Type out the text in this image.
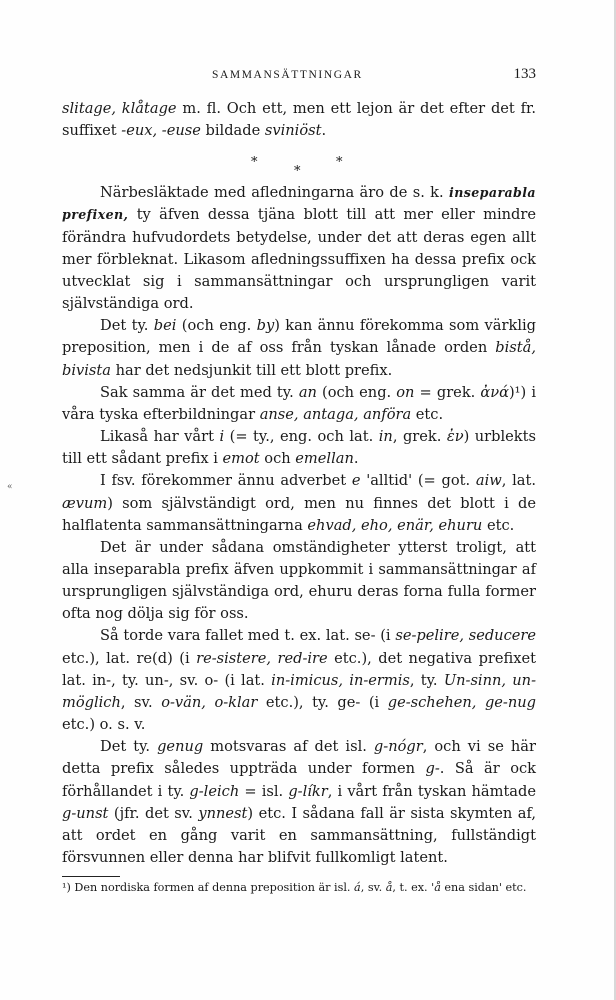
«
SAMMANSÄTTNINGAR	133

slitage, klåtage m. fl. Och ett, men ett lejon är det efter det fr. suffixet -eux, -euse bildade sviniöst.

*	*
*

Närbesläktade med afledningarna äro de s. k. inseparabla prefixen, ty äfven dessa tjäna blott till att mer eller mindre förändra hufvudordets betydelse, under det att deras egen allt mer förbleknat. Likasom afledningssuffixen ha dessa prefix ock utvecklat sig i sammansättningar och ursprungligen varit självständiga ord.

Det ty. bei (och eng. by) kan ännu förekomma som värklig preposition, men i de af oss från tyskan lånade orden bistå, bivista har det nedsjunkit till ett blott prefix.

Sak samma är det med ty. an (och eng. on = grek. ἀνά)¹) i våra tyska efterbildningar anse, antaga, anföra etc.

Likaså har vårt i (= ty., eng. och lat. in, grek. ἐν) urblekts till ett sådant prefix i emot och emellan.

I fsv. förekommer ännu adverbet e 'alltid' (= got. aiw, lat. ævum) som självständigt ord, men nu finnes det blott i de halflatenta sammansättningarna ehvad, eho, enär, ehuru etc.

Det är under sådana omständigheter ytterst troligt, att alla inseparabla prefix äfven uppkommit i sammansättningar af ursprungligen självständiga ord, ehuru deras forna fulla former ofta nog dölja sig för oss.

Så torde vara fallet med t. ex. lat. se- (i se-pelire, seducere etc.), lat. re(d) (i re-sistere, red-ire etc.), det negativa prefixet lat. in-, ty. un-, sv. o- (i lat. in-imicus, in-ermis, ty. Un-sinn, un-möglich, sv. o-vän, o-klar etc.), ty. ge- (i ge-schehen, ge-nug etc.) o. s. v.

Det ty. genug motsvaras af det isl. g-nógr, och vi se här detta prefix således uppträda under formen g-. Så är ock förhållandet i ty. g-leich = isl. g-líkr, i vårt från tyskan hämtade g-unst (jfr. det sv. ynnest) etc. I sådana fall är sista skymten af, att ordet en gång varit en sammansättning, fullständigt försvunnen eller denna har blifvit fullkomligt latent.

¹) Den nordiska formen af denna preposition är isl. á, sv. å, t. ex. 'å ena sidan' etc.
